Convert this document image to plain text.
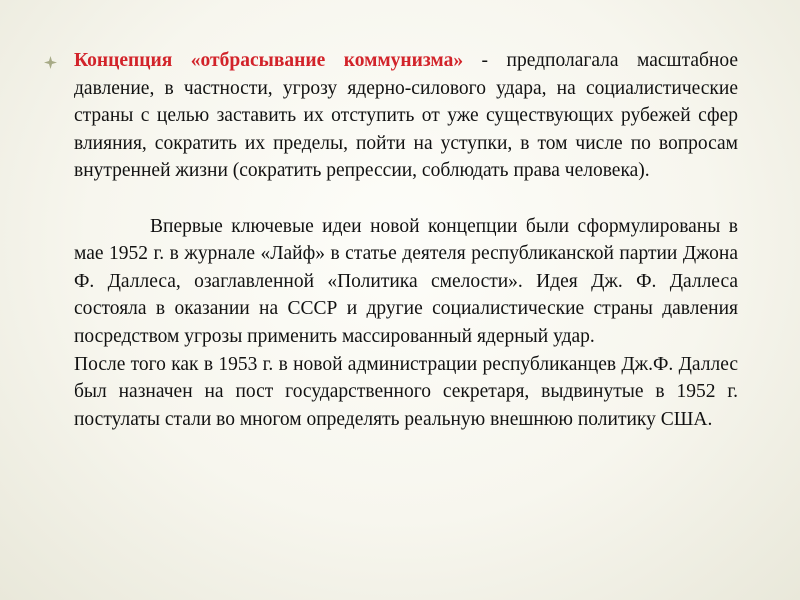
Концепция «отбрасывание коммунизма» - предполагала масштабное давление, в частности, угрозу ядерно-силового удара, на социалистические страны с целью заставить их отступить от уже существующих рубежей сфер влияния, сократить их пределы, пойти на уступки, в том числе по вопросам внутренней жизни (сократить репрессии, соблюдать права человека).

Впервые ключевые идеи новой концепции были сформулированы в мае 1952 г. в журнале «Лайф» в статье деятеля республиканской партии Джона Ф. Даллеса, озаглавленной «Политика смелости». Идея Дж. Ф. Даллеса состояла в оказании на СССР и другие социалистические страны давления посредством угрозы применить массированный ядерный удар.

После того как в 1953 г. в новой администрации республиканцев Дж.Ф. Даллес был назначен на пост государственного секретаря, выдвинутые в 1952 г. постулаты стали во многом определять реальную внешнюю политику США.
